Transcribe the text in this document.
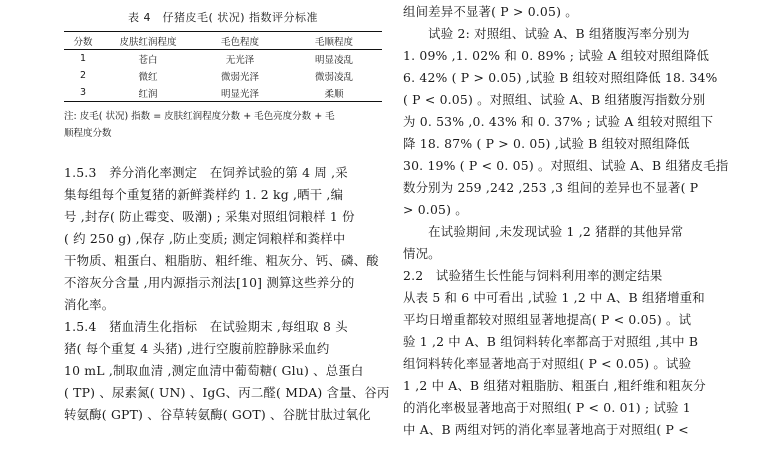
表 4　仔猪皮毛( 状况) 指数评分标准
分数	皮肤红润程度	毛色程度	毛顺程度
1	苍白	无光泽	明显凌乱
2	微红	微弱光泽	微弱凌乱
3	红润	明显光泽	柔顺
注: 皮毛( 状况) 指数 = 皮肤红润程度分数 + 毛色亮度分数 + 毛
顺程度分数
1.5.3　养分消化率测定　在饲养试验的第 4 周 ,采
集每组每个重复猪的新鲜粪样约 1. 2 kg ,晒干 ,编
号 ,封存( 防止霉变、吸潮) ; 采集对照组饲粮样 1 份
( 约 250 g) ,保存 ,防止变质; 测定饲粮样和粪样中
干物质、粗蛋白、粗脂肪、粗纤维、粗灰分、钙、磷、酸
不溶灰分含量 ,用内源指示剂法[10] 测算这些养分的
消化率。
1.5.4　猪血清生化指标　在试验期末 ,每组取 8 头
猪( 每个重复 4 头猪) ,进行空腹前腔静脉采血约
10 mL ,制取血清 ,测定血清中葡萄糖( Glu) 、总蛋白
( TP) 、尿素氮( UN) 、IgG、丙二醛( MDA) 含量、谷丙
转氨酶( GPT) 、谷草转氨酶( GOT) 、谷胱甘肽过氧化
组间差异不显著( P > 0.05) 。
　　试验 2: 对照组、试验 A、B 组猪腹泻率分别为
1. 09% ,1. 02% 和 0. 89% ; 试验 A 组较对照组降低
6. 42% ( P > 0.05) ,试验 B 组较对照组降低 18. 34%
( P < 0.05) 。对照组、试验 A、B 组猪腹泻指数分别
为 0. 53% ,0. 43% 和 0. 37% ; 试验 A 组较对照组下
降 18. 87% ( P > 0. 05) ,试验 B 组较对照组降低
30. 19% ( P < 0. 05) 。对照组、试验 A、B 组猪皮毛指
数分别为 259 ,242 ,253 ,3 组间的差异也不显著( P
> 0.05) 。
　　在试验期间 ,未发现试验 1 ,2 猪群的其他异常
情况。
2.2　试验猪生长性能与饲料利用率的测定结果
从表 5 和 6 中可看出 ,试验 1 ,2 中 A、B 组猪增重和
平均日增重都较对照组显著地提高( P < 0.05) 。试
验 1 ,2 中 A、B 组饲料转化率都高于对照组 ,其中 B
组饲料转化率显著地高于对照组( P < 0.05) 。试验
1 ,2 中 A、B 组猪对粗脂肪、粗蛋白 ,粗纤维和粗灰分
的消化率极显著地高于对照组( P < 0. 01) ; 试验 1
中 A、B 两组对钙的消化率显著地高于对照组( P <
